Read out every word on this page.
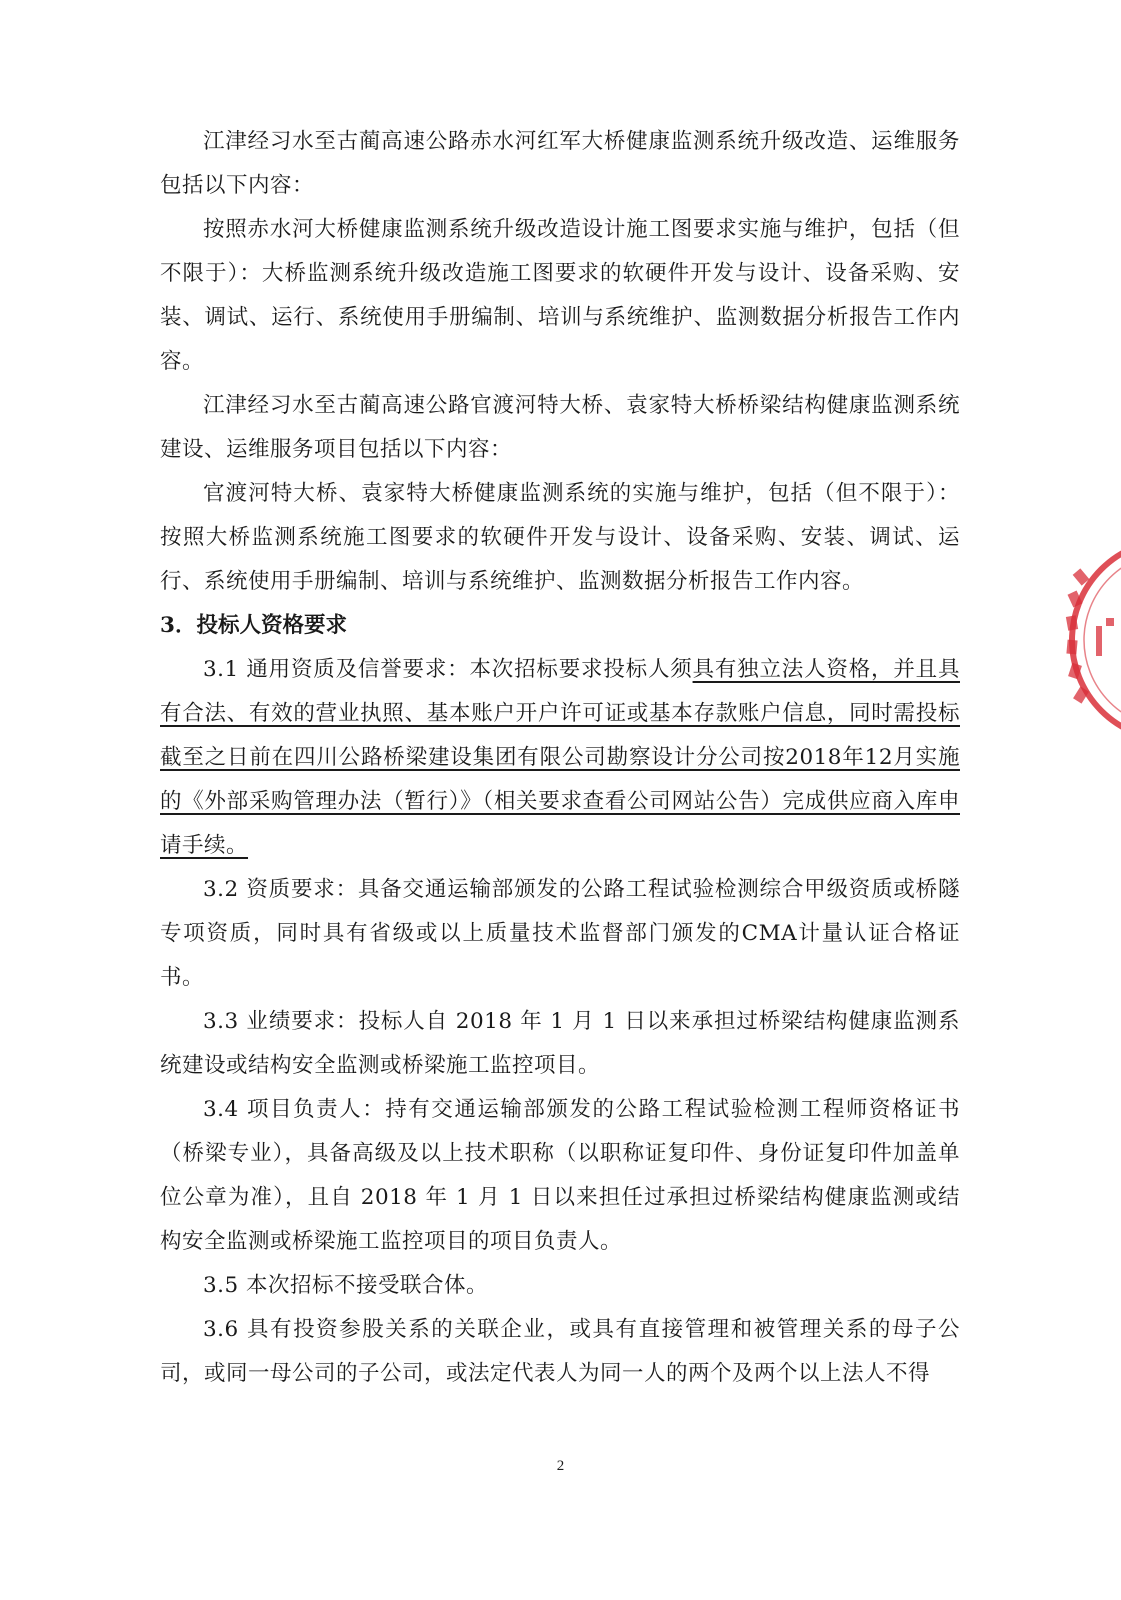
江津经习水至古蔺高速公路赤水河红军大桥健康监测系统升级改造、运维服务包括以下内容：

按照赤水河大桥健康监测系统升级改造设计施工图要求实施与维护，包括（但不限于）：大桥监测系统升级改造施工图要求的软硬件开发与设计、设备采购、安装、调试、运行、系统使用手册编制、培训与系统维护、监测数据分析报告工作内容。

江津经习水至古蔺高速公路官渡河特大桥、袁家特大桥桥梁结构健康监测系统建设、运维服务项目包括以下内容：

官渡河特大桥、袁家特大桥健康监测系统的实施与维护，包括（但不限于）：按照大桥监测系统施工图要求的软硬件开发与设计、设备采购、安装、调试、运行、系统使用手册编制、培训与系统维护、监测数据分析报告工作内容。

3．投标人资格要求

3.1 通用资质及信誉要求：本次招标要求投标人须具有独立法人资格，并且具有合法、有效的营业执照、基本账户开户许可证或基本存款账户信息，同时需投标截至之日前在四川公路桥梁建设集团有限公司勘察设计分公司按2018年12月实施的《外部采购管理办法（暂行）》（相关要求查看公司网站公告）完成供应商入库申请手续。

3.2 资质要求：具备交通运输部颁发的公路工程试验检测综合甲级资质或桥隧专项资质，同时具有省级或以上质量技术监督部门颁发的CMA计量认证合格证书。

3.3 业绩要求：投标人自 2018 年 1 月 1 日以来承担过桥梁结构健康监测系统建设或结构安全监测或桥梁施工监控项目。

3.4 项目负责人：持有交通运输部颁发的公路工程试验检测工程师资格证书（桥梁专业），具备高级及以上技术职称（以职称证复印件、身份证复印件加盖单位公章为准），且自 2018 年 1 月 1 日以来担任过承担过桥梁结构健康监测或结构安全监测或桥梁施工监控项目的项目负责人。

3.5 本次招标不接受联合体。

3.6 具有投资参股关系的关联企业，或具有直接管理和被管理关系的母子公司，或同一母公司的子公司，或法定代表人为同一人的两个及两个以上法人不得

2
